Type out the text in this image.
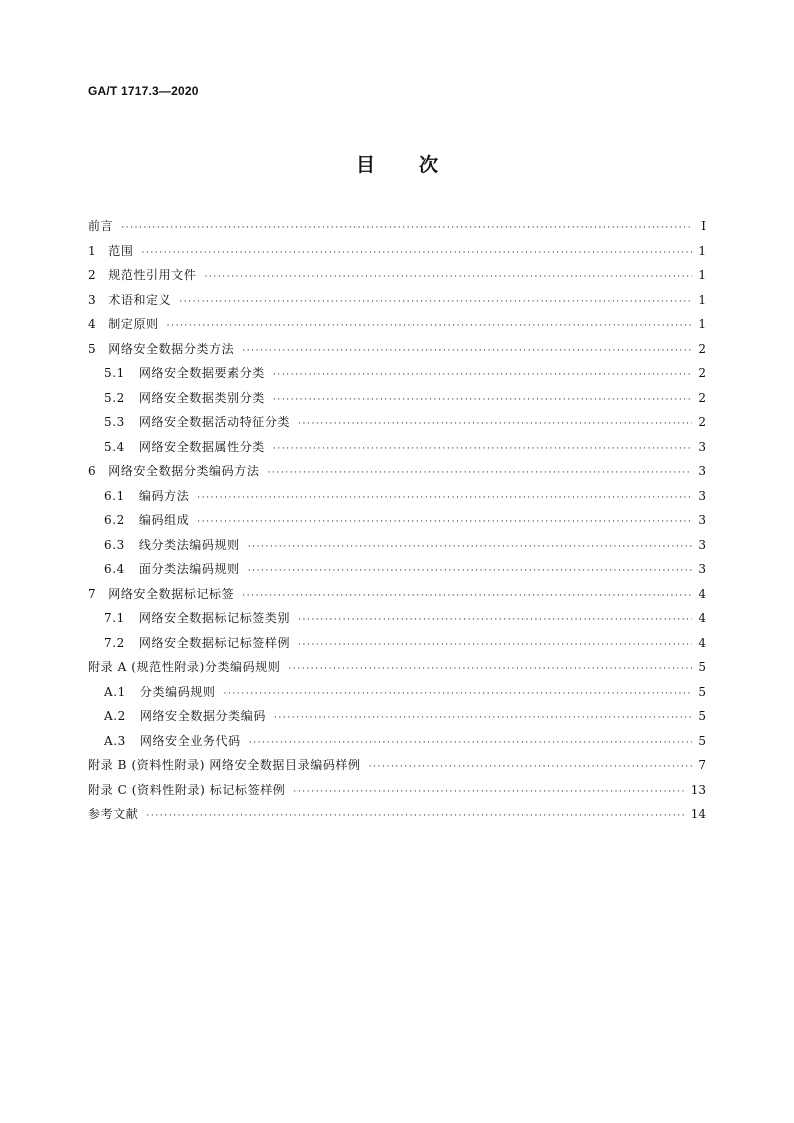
GA/T 1717.3—2020
目次
前言 ·····	Ⅰ
1 范围 ·····	1
2 规范性引用文件 ·····	1
3 术语和定义 ·····	1
4 制定原则 ·····	1
5 网络安全数据分类方法 ·····	2
5.1 网络安全数据要素分类 ·····	2
5.2 网络安全数据类别分类 ·····	2
5.3 网络安全数据活动特征分类 ·····	2
5.4 网络安全数据属性分类 ·····	3
6 网络安全数据分类编码方法 ·····	3
6.1 编码方法 ·····	3
6.2 编码组成 ·····	3
6.3 线分类法编码规则 ·····	3
6.4 面分类法编码规则 ·····	3
7 网络安全数据标记标签 ·····	4
7.1 网络安全数据标记标签类别 ·····	4
7.2 网络安全数据标记标签样例 ·····	4
附录 A (规范性附录)分类编码规则 ·····	5
A.1 分类编码规则 ·····	5
A.2 网络安全数据分类编码 ·····	5
A.3 网络安全业务代码 ·····	5
附录 B (资料性附录) 网络安全数据目录编码样例 ·····	7
附录 C (资料性附录) 标记标签样例 ·····	13
参考文献 ·····	14
